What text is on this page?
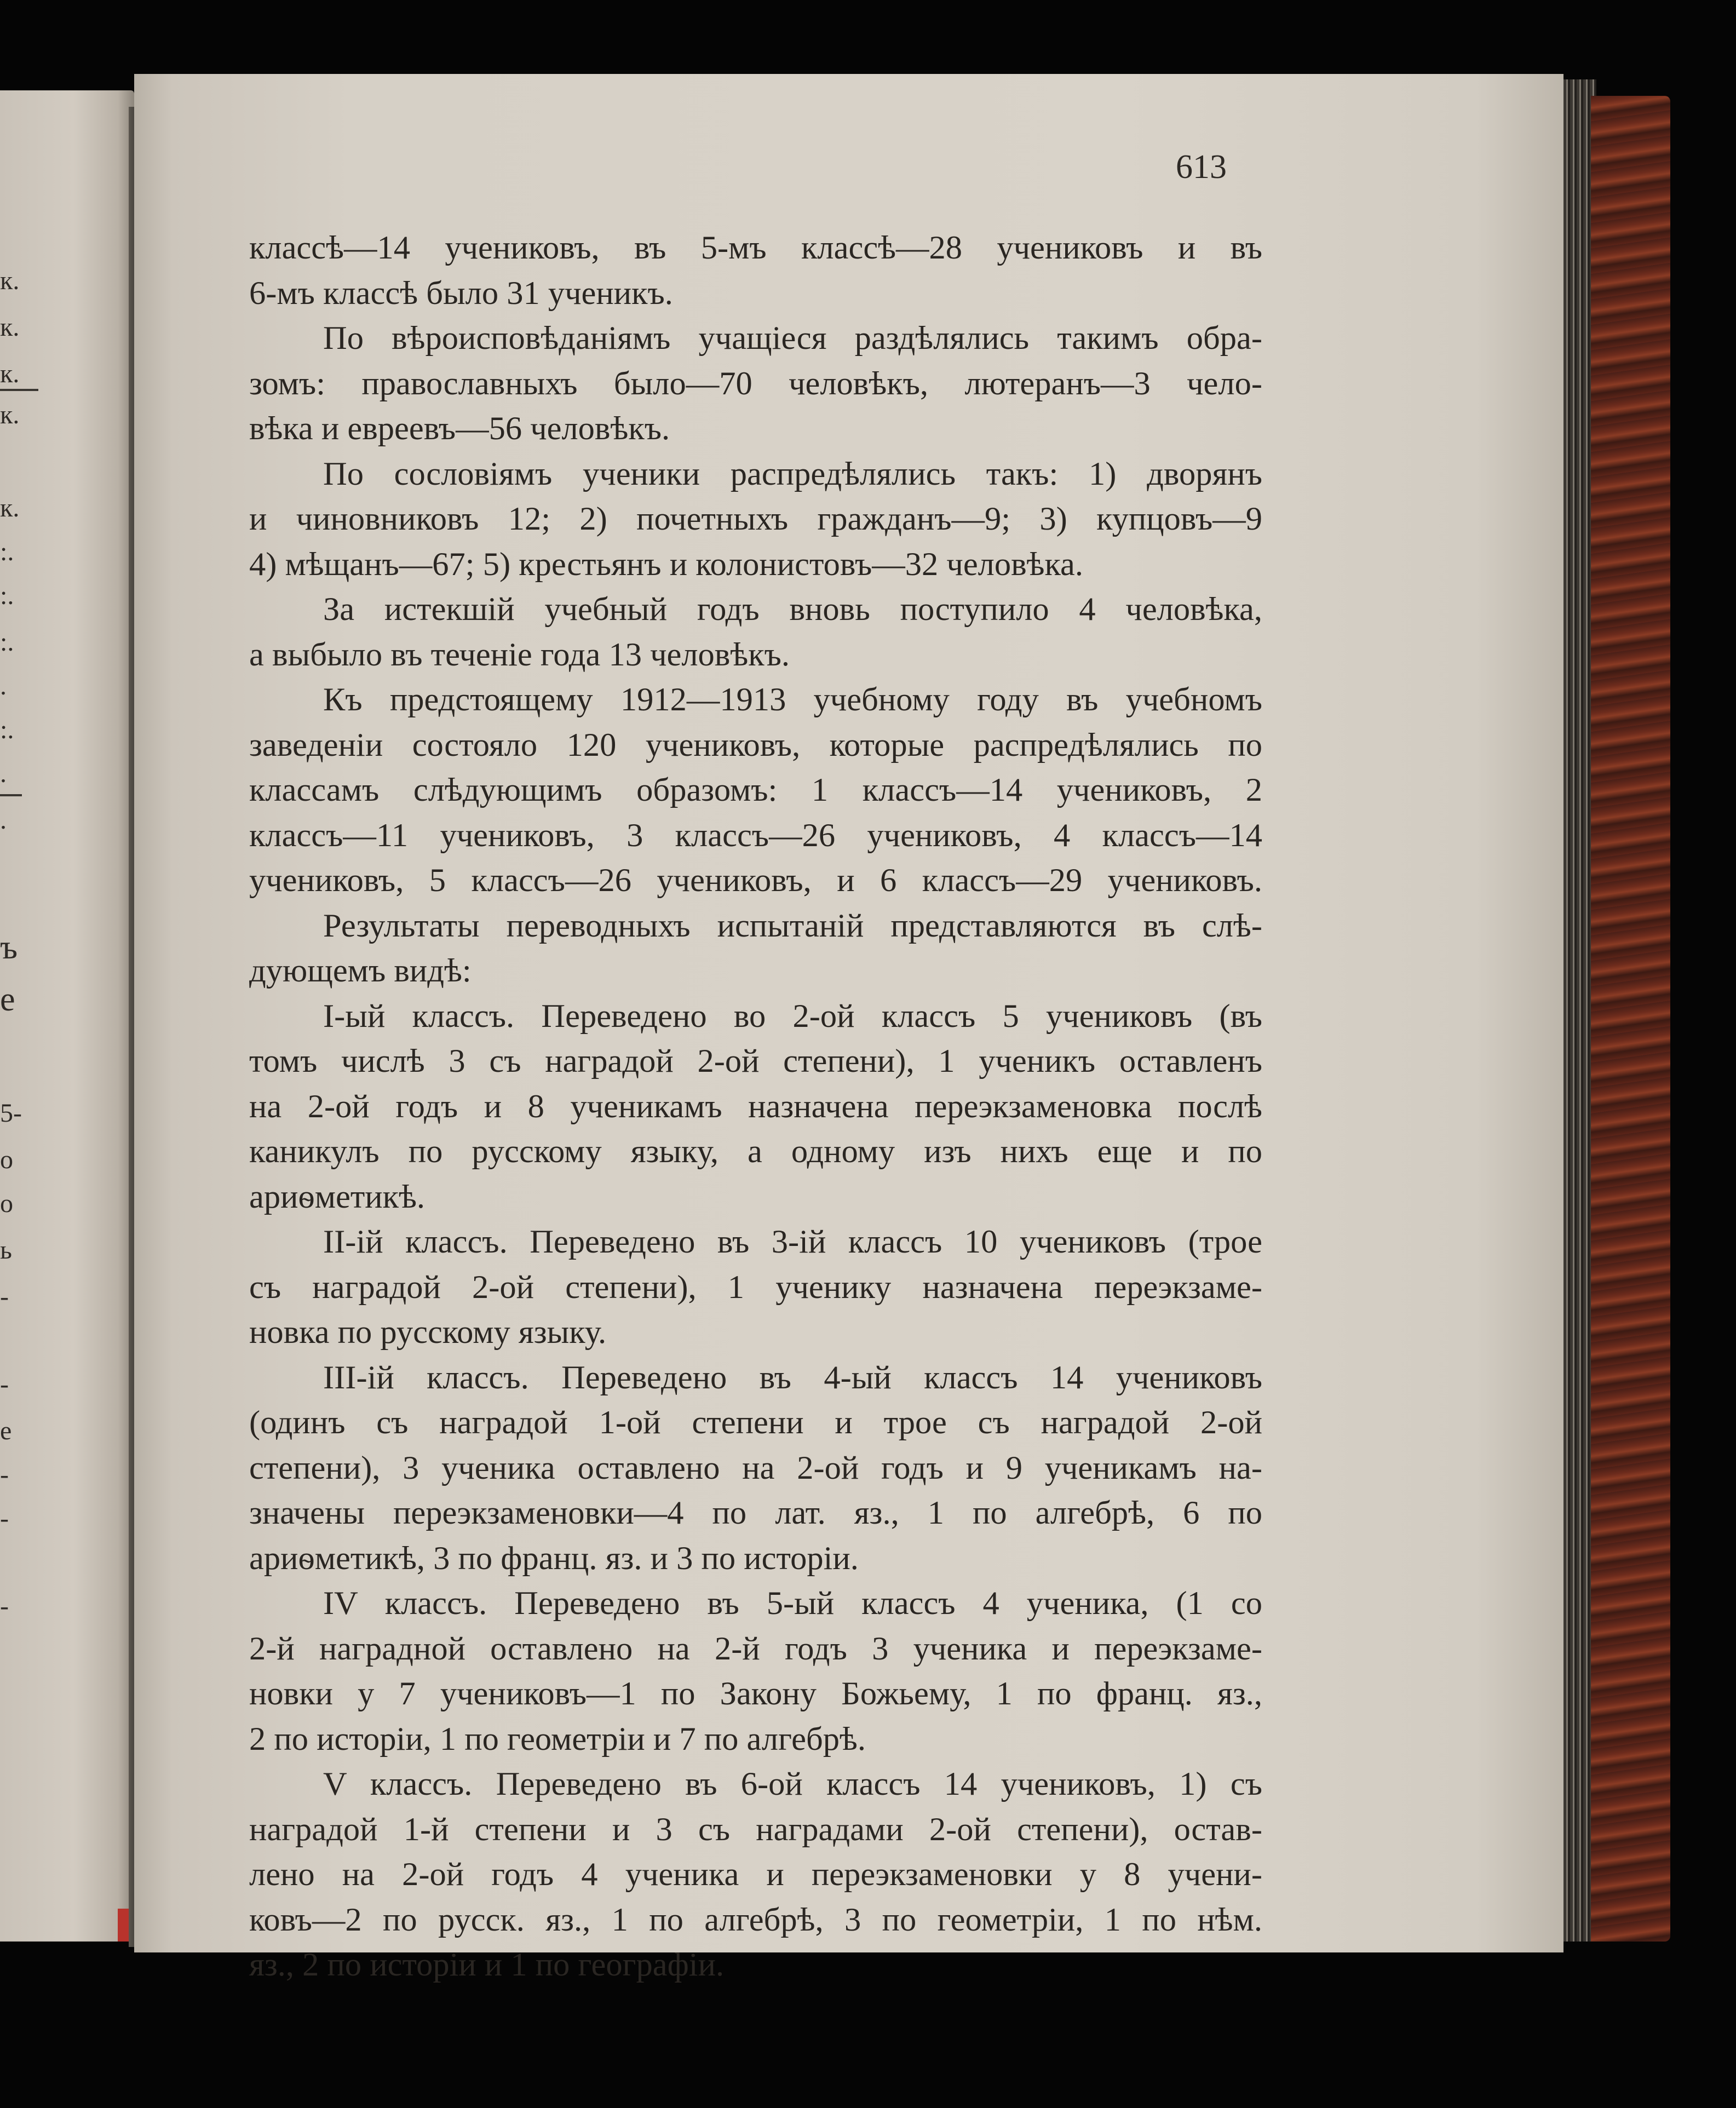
к.
к.
к.
к.
к.
:.
:.
:.
.
:.
.
.
ъ
е
5-
о
о
ь
-
-
е
-
-
-
613
классѣ—14 учениковъ, въ 5-мъ классѣ—28 учениковъ и въ
6-мъ классѣ было 31 ученикъ.
По вѣроисповѣданіямъ учащіеся раздѣлялись такимъ обра-
зомъ: православныхъ было—70 человѣкъ, лютеранъ—3 чело-
вѣка и евреевъ—56 человѣкъ.
По сословіямъ ученики распредѣлялись такъ: 1) дворянъ
и чиновниковъ 12; 2) почетныхъ гражданъ—9; 3) купцовъ—9
4) мѣщанъ—67; 5) крестьянъ и колонистовъ—32 человѣка.
За истекшій учебный годъ вновь поступило 4 человѣка,
а выбыло въ теченіе года 13 человѣкъ.
Къ предстоящему 1912—1913 учебному году въ учебномъ
заведеніи состояло 120 учениковъ, которые распредѣлялись по
классамъ слѣдующимъ образомъ: 1 классъ—14 учениковъ, 2
классъ—11 учениковъ, 3 классъ—26 учениковъ, 4 классъ—14
учениковъ, 5 классъ—26 учениковъ, и 6 классъ—29 учениковъ.
Результаты переводныхъ испытаній представляются въ слѣ-
дующемъ видѣ:
I-ый классъ. Переведено во 2-ой классъ 5 учениковъ (въ
томъ числѣ 3 съ наградой 2-ой степени), 1 ученикъ оставленъ
на 2-ой годъ и 8 ученикамъ назначена переэкзаменовка послѣ
каникулъ по русскому языку, а одному изъ нихъ еще и по
ариѳметикѣ.
II-ій классъ. Переведено въ 3-ій классъ 10 учениковъ (трое
съ наградой 2-ой степени), 1 ученику назначена переэкзаме-
новка по русскому языку.
III-ій классъ. Переведено въ 4-ый классъ 14 учениковъ
(одинъ съ наградой 1-ой степени и трое съ наградой 2-ой
степени), 3 ученика оставлено на 2-ой годъ и 9 ученикамъ на-
значены переэкзаменовки—4 по лат. яз., 1 по алгебрѣ, 6 по
ариѳметикѣ, 3 по франц. яз. и 3 по исторіи.
IV классъ. Переведено въ 5-ый классъ 4 ученика, (1 со
2-й наградной оставлено на 2-й годъ 3 ученика и переэкзаме-
новки у 7 учениковъ—1 по Закону Божьему, 1 по франц. яз.,
2 по исторіи, 1 по геометріи и 7 по алгебрѣ.
V классъ. Переведено въ 6-ой классъ 14 учениковъ, 1) съ
наградой 1-й степени и 3 съ наградами 2-ой степени), остав-
лено на 2-ой годъ 4 ученика и переэкзаменовки у 8 учени-
ковъ—2 по русск. яз., 1 по алгебрѣ, 3 по геометріи, 1 по нѣм.
яз., 2 по исторіи и 1 по географіи.
